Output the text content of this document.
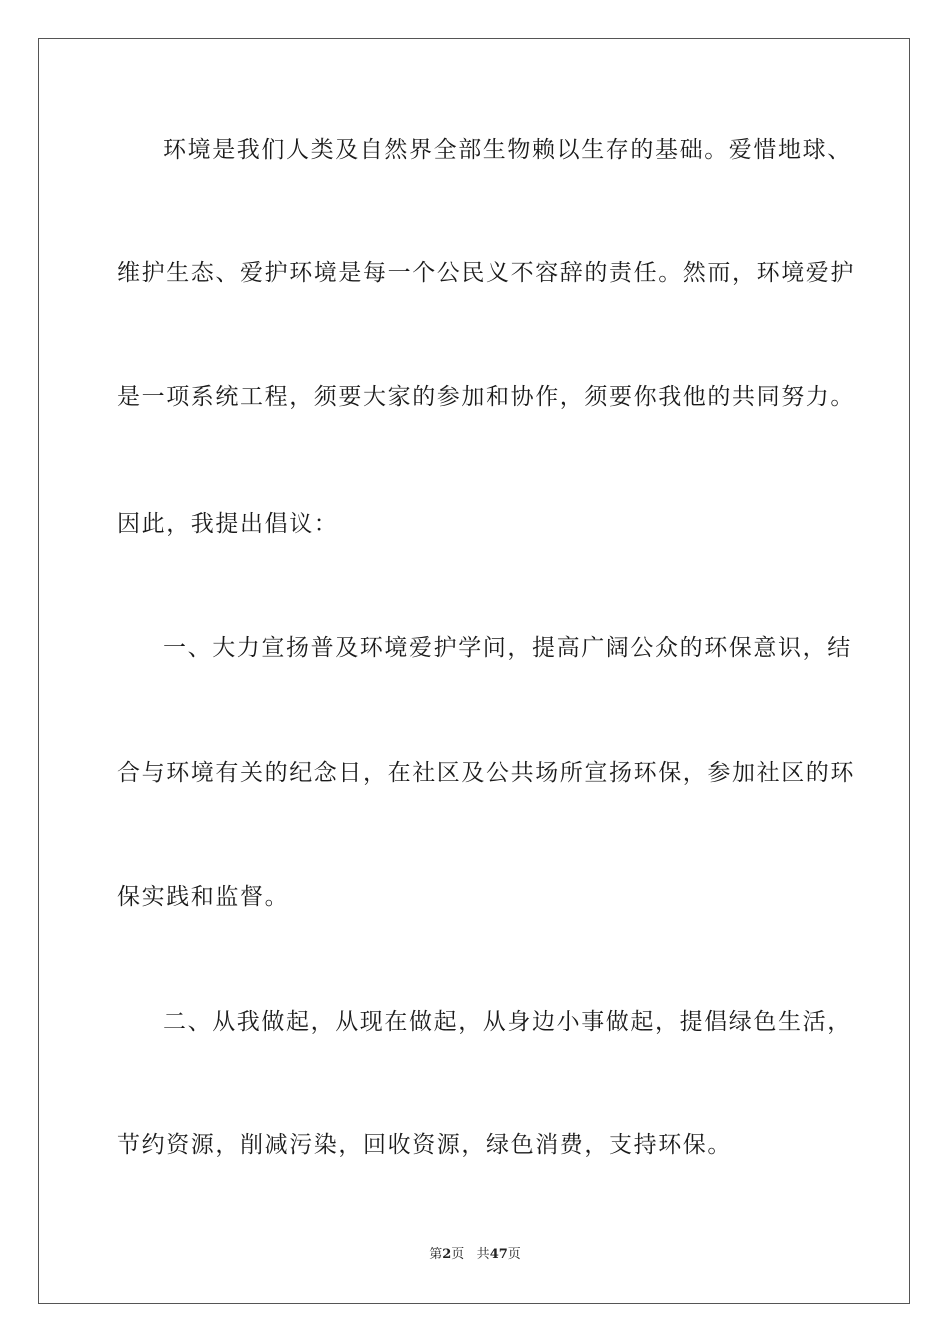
环境是我们人类及自然界全部生物赖以生存的基础。爱惜地球、
维护生态、爱护环境是每一个公民义不容辞的责任。然而，环境爱护
是一项系统工程，须要大家的参加和协作，须要你我他的共同努力。
因此，我提出倡议：
一、大力宣扬普及环境爱护学问，提高广阔公众的环保意识，结
合与环境有关的纪念日，在社区及公共场所宣扬环保，参加社区的环
保实践和监督。
二、从我做起，从现在做起，从身边小事做起，提倡绿色生活，
节约资源，削减污染，回收资源，绿色消费，支持环保。
第2页 共47页
